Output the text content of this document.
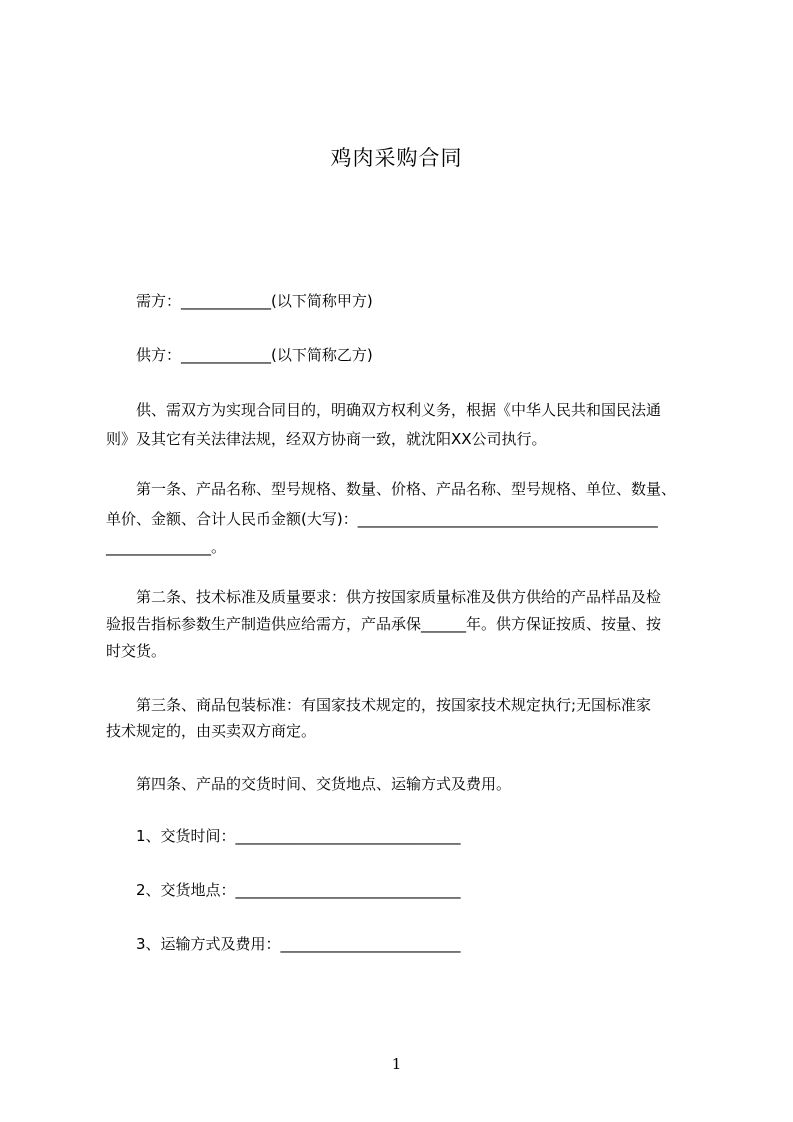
鸡肉采购合同
需方：____________(以下简称甲方)
供方：____________(以下简称乙方)
供、需双方为实现合同目的，明确双方权利义务，根据《中华人民共和国民法通
则》及其它有关法律法规，经双方协商一致，就沈阳XX公司执行。
第一条、产品名称、型号规格、数量、价格、产品名称、型号规格、单位、数量、
单价、金额、合计人民币金额(大写)：________________________________________
______________。
第二条、技术标准及质量要求：供方按国家质量标准及供方供给的产品样品及检
验报告指标参数生产制造供应给需方，产品承保______年。供方保证按质、按量、按
时交货。
第三条、商品包装标准：有国家技术规定的，按国家技术规定执行;无国标准家
技术规定的，由买卖双方商定。
第四条、产品的交货时间、交货地点、运输方式及费用。
1、交货时间：______________________________
2、交货地点：______________________________
3、运输方式及费用：________________________
1
